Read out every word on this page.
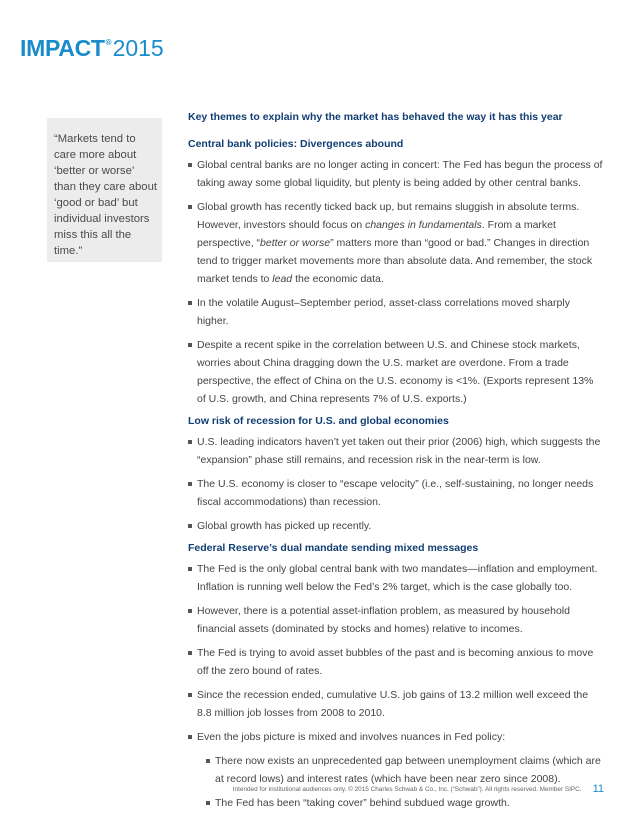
IMPACT ® 2015
“Markets tend to
care more about
‘better or worse’
than they care about
‘good or bad’ but
individual investors
miss this all the time.”

Key themes to explain why the market has behaved the way it has this year

Central bank policies: Divergences abound

Global central banks are no longer acting in concert: The Fed has begun the process of taking away some global liquidity, but plenty is being added by other central banks.
Global growth has recently ticked back up, but remains sluggish in absolute terms. However, investors should focus on changes in fundamentals. From a market perspective, “better or worse” matters more than “good or bad.” Changes in direction tend to trigger market movements more than absolute data. And remember, the stock market tends to lead the economic data.
In the volatile August–September period, asset-class correlations moved sharply higher.
Despite a recent spike in the correlation between U.S. and Chinese stock markets, worries about China dragging down the U.S. market are overdone. From a trade perspective, the effect of China on the U.S. economy is <1%. (Exports represent 13% of U.S. growth, and China represents 7% of U.S. exports.)

Low risk of recession for U.S. and global economies

U.S. leading indicators haven’t yet taken out their prior (2006) high, which suggests the “expansion” phase still remains, and recession risk in the near-term is low.
The U.S. economy is closer to “escape velocity” (i.e., self-sustaining, no longer needs fiscal accommodations) than recession.
Global growth has picked up recently.

Federal Reserve’s dual mandate sending mixed messages

The Fed is the only global central bank with two mandates—inflation and employment. Inflation is running well below the Fed’s 2% target, which is the case globally too.
However, there is a potential asset-inflation problem, as measured by household financial assets (dominated by stocks and homes) relative to incomes.
The Fed is trying to avoid asset bubbles of the past and is becoming anxious to move off the zero bound of rates.
Since the recession ended, cumulative U.S. job gains of 13.2 million well exceed the 8.8 million job losses from 2008 to 2010.
Even the jobs picture is mixed and involves nuances in Fed policy:
There now exists an unprecedented gap between unemployment claims (which are at record lows) and interest rates (which have been near zero since 2008).
The Fed has been “taking cover” behind subdued wage growth.
Intended for institutional audiences only. © 2015 Charles Schwab & Co., Inc. (“Schwab”). All rights reserved. Member SIPC. 11
